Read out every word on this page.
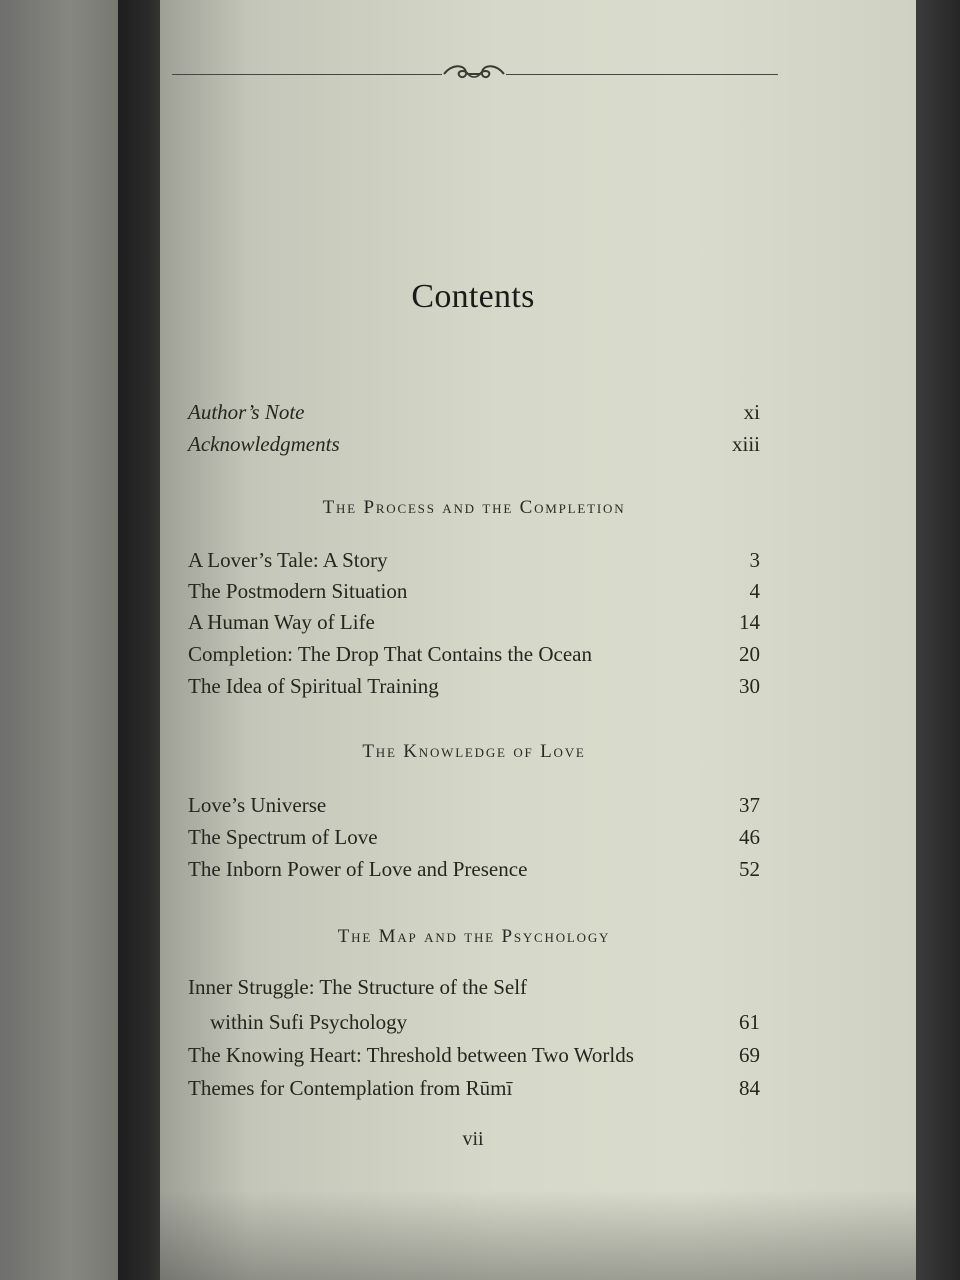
Contents
Author’s Note	xi
Acknowledgments	xiii
The Process and the Completion
A Lover’s Tale: A Story	3
The Postmodern Situation	4
A Human Way of Life	14
Completion: The Drop That Contains the Ocean	20
The Idea of Spiritual Training	30
The Knowledge of Love
Love’s Universe	37
The Spectrum of Love	46
The Inborn Power of Love and Presence	52
The Map and the Psychology
Inner Struggle: The Structure of the Self
within Sufi Psychology	61
The Knowing Heart: Threshold between Two Worlds	69
Themes for Contemplation from Rūmī	84
vii
